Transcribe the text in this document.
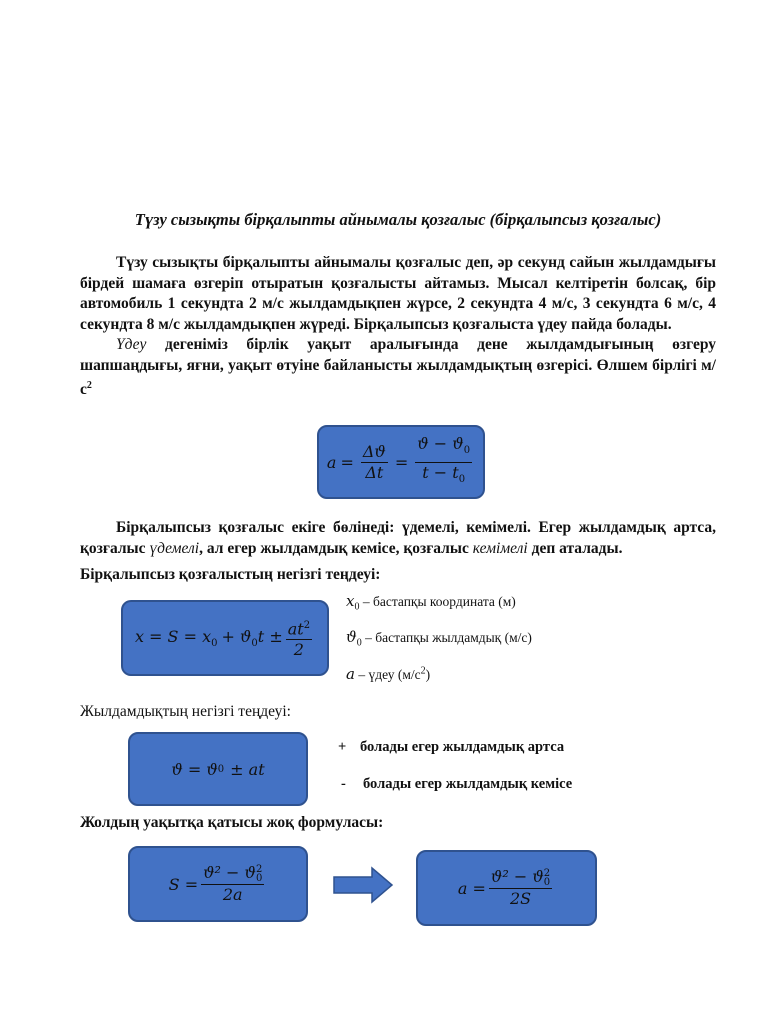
Түзу сызықты бірқалыпты айнымалы қозғалыс (бірқалыпсыз қозғалыс)

Түзу сызықты бірқалыпты айнымалы қозғалыс деп, әр секунд сайын жылдамдығы бірдей шамаға өзгеріп отыратын қозғалысты айтамыз. Мысал келтіретін болсақ, бір автомобиль 1 секундта 2 м/с жылдамдықпен жүрсе, 2 секундта 4 м/с, 3 секундта 6 м/с, 4 секундта 8 м/с жылдамдықпен жүреді. Бірқалыпсыз қозғалыста үдеу пайда болады.
Үдеу дегеніміз бірлік уақыт аралығында дене жылдамдығының өзгеру шапшаңдығы, яғни, уақыт өтуіне байланысты жылдамдықтың өзгерісі. Өлшем бірлігі $м/с^2$

$a = \frac{\Delta ϑ}{\Delta t} = \frac{ϑ - ϑ_0}{t - t_0}$

Бірқалыпсыз қозғалыс екіге бөлінеді: үдемелі, кемімелі. Егер жылдамдық артса, қозғалыс үдемелі, ал егер жылдамдық кемісе, қозғалыс кемімелі деп аталады.

Бірқалыпсыз қозғалыстың негізгі теңдеуі:
$x = S = x_0 + ϑ_0t \pm \frac{at^2}{2}$
$x_0$ – бастапқы координата (м)
$ϑ_0$ – бастапқы жылдамдық (м/с)
a – үдеу $(м/с^2)$
Жылдамдықтың негізгі теңдеуі:
ϑ = ϑ 0 ± at
+ болады егер жылдамдық артса
- болады егер жылдамдық кемісе
Жолдың уақытқа қатысы жоқ формуласы:
S = ϑ² − ϑ 2
0
2a	a = ϑ² − ϑ 2
0
2S
